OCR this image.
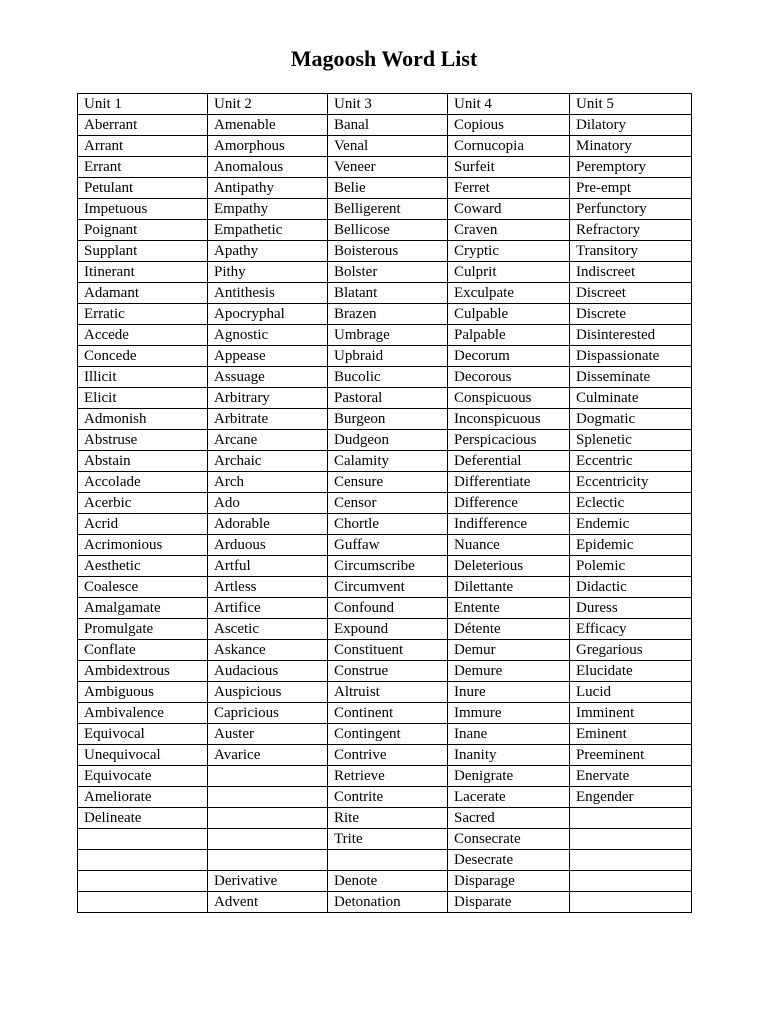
Magoosh Word List
Unit 1	Unit 2	Unit 3	Unit 4	Unit 5
Aberrant	Amenable	Banal	Copious	Dilatory
Arrant	Amorphous	Venal	Cornucopia	Minatory
Errant	Anomalous	Veneer	Surfeit	Peremptory
Petulant	Antipathy	Belie	Ferret	Pre-empt
Impetuous	Empathy	Belligerent	Coward	Perfunctory
Poignant	Empathetic	Bellicose	Craven	Refractory
Supplant	Apathy	Boisterous	Cryptic	Transitory
Itinerant	Pithy	Bolster	Culprit	Indiscreet
Adamant	Antithesis	Blatant	Exculpate	Discreet
Erratic	Apocryphal	Brazen	Culpable	Discrete
Accede	Agnostic	Umbrage	Palpable	Disinterested
Concede	Appease	Upbraid	Decorum	Dispassionate
Illicit	Assuage	Bucolic	Decorous	Disseminate
Elicit	Arbitrary	Pastoral	Conspicuous	Culminate
Admonish	Arbitrate	Burgeon	Inconspicuous	Dogmatic
Abstruse	Arcane	Dudgeon	Perspicacious	Splenetic
Abstain	Archaic	Calamity	Deferential	Eccentric
Accolade	Arch	Censure	Differentiate	Eccentricity
Acerbic	Ado	Censor	Difference	Eclectic
Acrid	Adorable	Chortle	Indifference	Endemic
Acrimonious	Arduous	Guffaw	Nuance	Epidemic
Aesthetic	Artful	Circumscribe	Deleterious	Polemic
Coalesce	Artless	Circumvent	Dilettante	Didactic
Amalgamate	Artifice	Confound	Entente	Duress
Promulgate	Ascetic	Expound	Détente	Efficacy
Conflate	Askance	Constituent	Demur	Gregarious
Ambidextrous	Audacious	Construe	Demure	Elucidate
Ambiguous	Auspicious	Altruist	Inure	Lucid
Ambivalence	Capricious	Continent	Immure	Imminent
Equivocal	Auster	Contingent	Inane	Eminent
Unequivocal	Avarice	Contrive	Inanity	Preeminent
Equivocate		Retrieve	Denigrate	Enervate
Ameliorate		Contrite	Lacerate	Engender
Delineate		Rite	Sacred	
		Trite	Consecrate	
			Desecrate	
	Derivative	Denote	Disparage	
	Advent	Detonation	Disparate	
